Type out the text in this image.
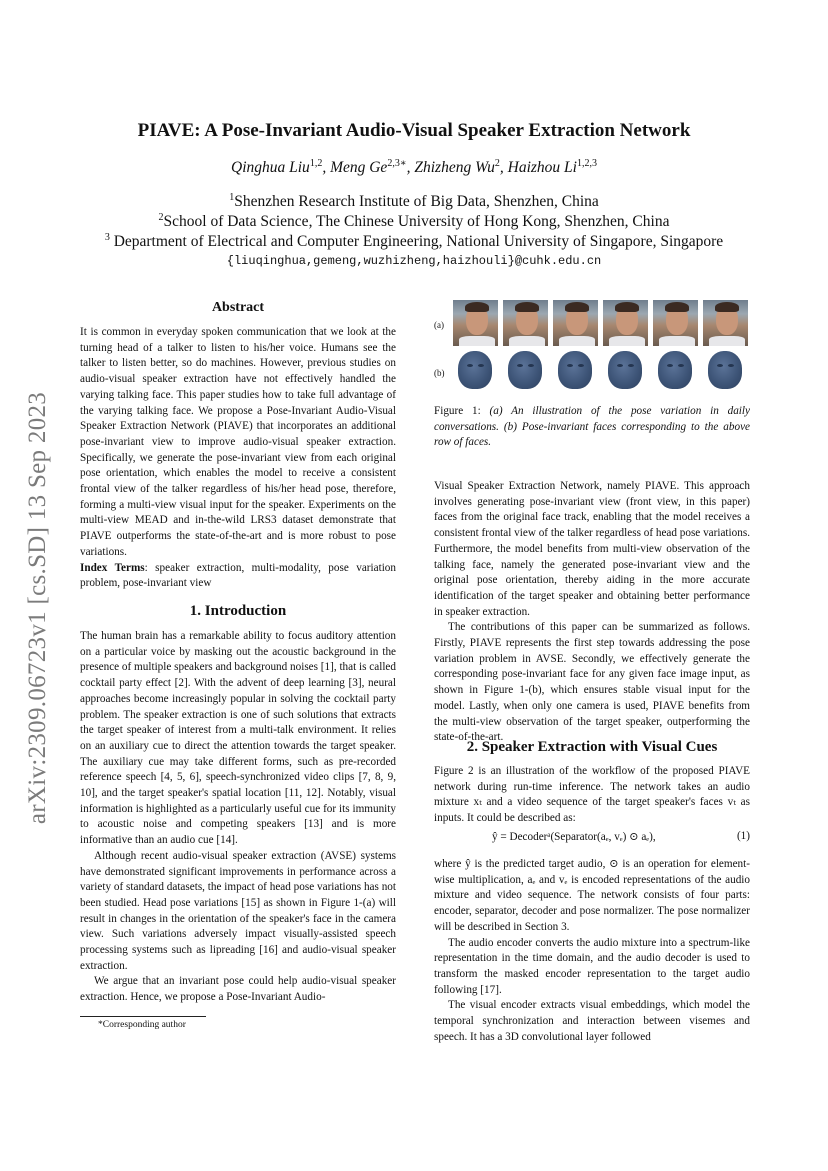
arXiv:2309.06723v1 [cs.SD] 13 Sep 2023
PIAVE: A Pose-Invariant Audio-Visual Speaker Extraction Network
Qinghua Liu$^{1,2}$, Meng $Ge^{2,3∗}$, Zhizheng Wu$^2$, Haizhou Li$^{1,2,3}$
$^1$Shenzhen Research Institute of Big Data, Shenzhen, China
$^2$School of Data Science, The Chinese University of Hong Kong, Shenzhen, China
$^3$ Department of Electrical and Computer Engineering, National University of Singapore, Singapore
{liuqinghua,gemeng,wuzhizheng,haizhouli}@cuhk.edu.cn
Abstract

It is common in everyday spoken communication that we look at the turning head of a talker to listen to his/her voice. Humans see the talker to listen better, so do machines. However, previous studies on audio-visual speaker extraction have not effectively handled the varying talking face. This paper studies how to take full advantage of the varying talking face. We propose a Pose-Invariant Audio-Visual Speaker Extraction Network (PIAVE) that incorporates an additional pose-invariant view to improve audio-visual speaker extraction. Specifically, we generate the pose-invariant view from each original pose orientation, which enables the model to receive a consistent frontal view of the talker regardless of his/her head pose, therefore, forming a multi-view visual input for the speaker. Experiments on the multi-view MEAD and in-the-wild LRS3 dataset demonstrate that PIAVE outperforms the state-of-the-art and is more robust to pose variations.

Index Terms: speaker extraction, multi-modality, pose variation problem, pose-invariant view

1. Introduction

The human brain has a remarkable ability to focus auditory attention on a particular voice by masking out the acoustic background in the presence of multiple speakers and background noises [1], that is called cocktail party effect [2]. With the advent of deep learning [3], neural approaches become increasingly popular in solving the cocktail party problem. The speaker extraction is one of such solutions that extracts the target speaker of interest from a multi-talk environment. It relies on an auxiliary cue to direct the attention towards the target speaker. The auxiliary cue may take different forms, such as pre-recorded reference speech [4, 5, 6], speech-synchronized video clips [7, 8, 9, 10], and the target speaker's spatial location [11, 12]. Notably, visual information is highlighted as a particularly useful cue for its immunity to acoustic noise and competing speakers [13] and is more informative than an audio cue [14].

Although recent audio-visual speaker extraction (AVSE) systems have demonstrated significant improvements in performance across a variety of standard datasets, the impact of head pose variations has not been studied. Head pose variations [15] as shown in Figure 1-(a) will result in changes in the orientation of the speaker's face in the camera view. Such variations adversely impact visually-assisted speech processing systems such as lipreading [16] and audio-visual speaker extraction.

We argue that an invariant pose could help audio-visual speaker extraction. Hence, we propose a Pose-Invariant Audio-

*Corresponding author
(a)
(b)
Figure 1: (a) An illustration of the pose variation in daily conversations. (b) Pose-invariant faces corresponding to the above row of faces.

Visual Speaker Extraction Network, namely PIAVE. This approach involves generating pose-invariant view (front view, in this paper) faces from the original face track, enabling that the model receives a consistent frontal view of the talker regardless of head pose variations. Furthermore, the model benefits from multi-view observation of the talking face, namely the generated pose-invariant view and the original pose orientation, thereby aiding in the more accurate identification of the target speaker and obtaining better performance in speaker extraction.

The contributions of this paper can be summarized as follows. Firstly, PIAVE represents the first step towards addressing the pose variation problem in AVSE. Secondly, we effectively generate the corresponding pose-invariant face for any given face image input, as shown in Figure 1-(b), which ensures stable visual input for the model. Lastly, when only one camera is used, PIAVE benefits from the multi-view observation of the target speaker, outperforming the state-of-the-art.

2. Speaker Extraction with Visual Cues

Figure 2 is an illustration of the workflow of the proposed PIAVE network during run-time inference. The network takes an audio mixture xₜ and a video sequence of the target speaker's faces vₜ as inputs. It could be described as:

ŷ = Decoderᵃ(Separator(aₑ, vₑ) ⊙ aₑ),	(1)

where ŷ is the predicted target audio, ⊙ is an operation for element-wise multiplication, aₑ and vₑ is encoded representations of the audio mixture and video sequence. The network consists of four parts: encoder, separator, decoder and pose normalizer. The pose normalizer will be described in Section 3.

The audio encoder converts the audio mixture into a spectrum-like representation in the time domain, and the audio decoder is used to transform the masked encoder representation to the target audio following [17].

The visual encoder extracts visual embeddings, which model the temporal synchronization and interaction between visemes and speech. It has a 3D convolutional layer followed
